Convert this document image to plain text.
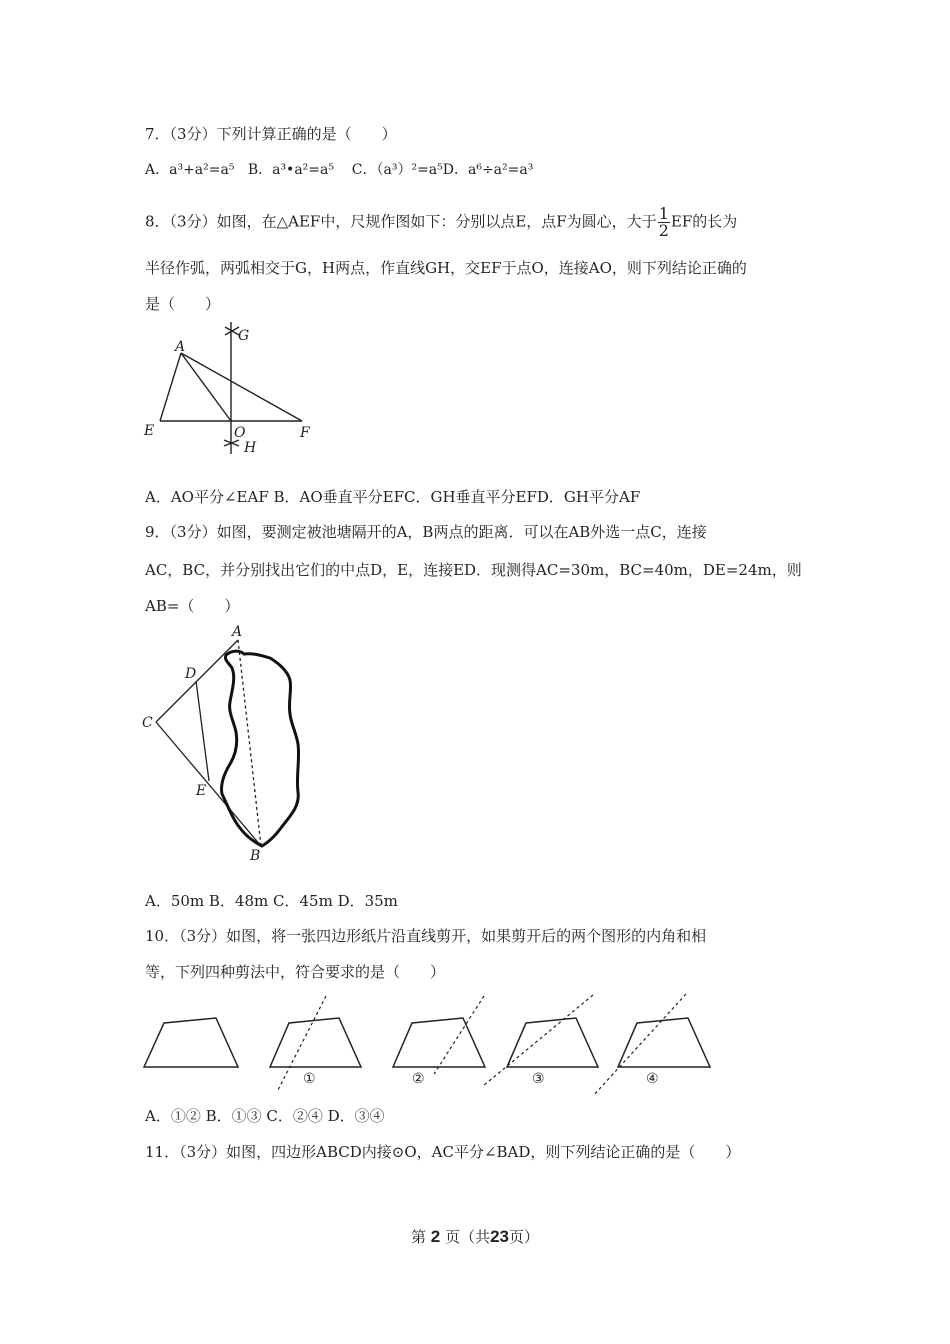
7．（3分）下列计算正确的是（　　）
A．a³+a²=a⁵ B．a³•a²=a⁵ C．（a³）²=a⁵D．a⁶÷a²=a³
8．（3分）如图，在△AEF中，尺规作图如下：分别以点E，点F为圆心，大于 $\frac{1}{2}$ EF的长为
半径作弧，两弧相交于G，H两点，作直线GH，交EF于点O，连接AO，则下列结论正确的
是（　　）
A
G
E	O	F
H
A．AO平分∠EAF B．AO垂直平分EFC．GH垂直平分EFD．GH平分AF
9．（3分）如图，要测定被池塘隔开的A，B两点的距离．可以在AB外选一点C，连接
AC，BC，并分别找出它们的中点D，E，连接ED．现测得AC=30m，BC=40m，DE=24m，则
AB=（　　）
A
D
C
E
B
A．50m B．48m C．45m D．35m
10．（3分）如图，将一张四边形纸片沿直线剪开，如果剪开后的两个图形的内角和相
等，下列四种剪法中，符合要求的是（　　）
①	②	③	④
A．①② B．①③ C．②④ D．③④
11．（3分）如图，四边形ABCD内接⊙O，AC平分∠BAD，则下列结论正确的是（　　）
第 2 页（共23页）
